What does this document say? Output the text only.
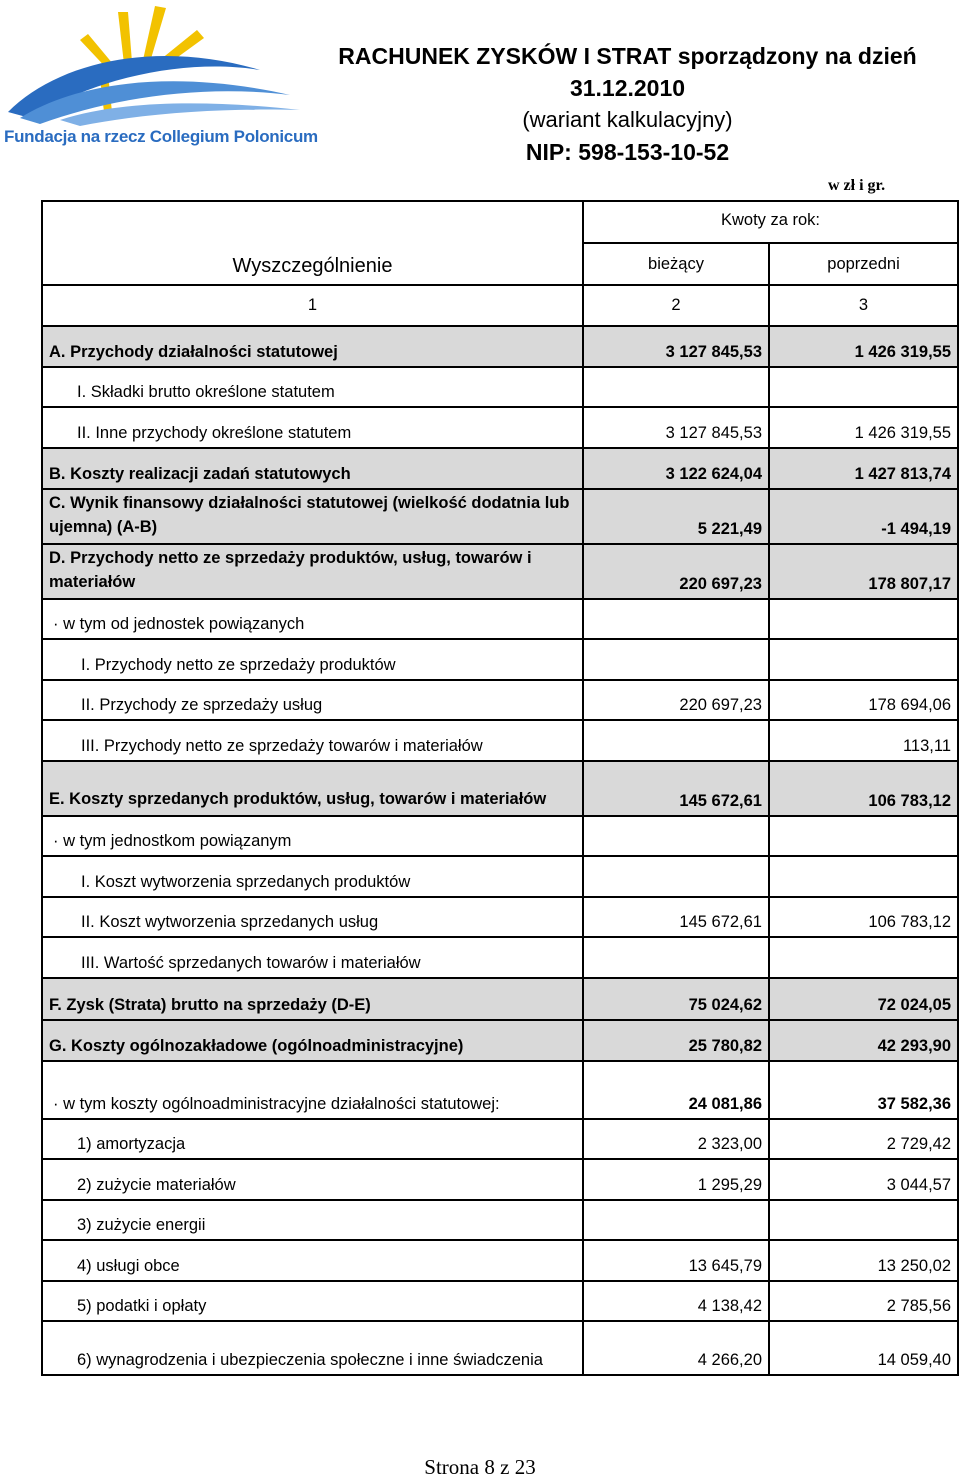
Fundacja na rzecz Collegium Polonicum
RACHUNEK ZYSKÓW I STRAT sporządzony na dzień
31.12.2010
(wariant kalkulacyjny)
NIP: 598-153-10-52
w zł i gr.
Wyszczególnienie	Kwoty za rok:	
	bieżący	poprzedni
1	2	3
A. Przychody działalności statutowej	3 127 845,53	1 426 319,55
I. Składki brutto określone statutem		
II. Inne przychody określone statutem	3 127 845,53	1 426 319,55
B. Koszty realizacji zadań statutowych	3 122 624,04	1 427 813,74
C. Wynik finansowy działalności statutowej (wielkość dodatnia lub ujemna) (A-B)	5 221,49	-1 494,19
D. Przychody netto ze sprzedaży produktów, usług, towarów i materiałów	220 697,23	178 807,17
· w tym od jednostek powiązanych		
I. Przychody netto ze sprzedaży produktów		
II. Przychody ze sprzedaży usług	220 697,23	178 694,06
III. Przychody netto ze sprzedaży towarów i materiałów		113,11
E. Koszty sprzedanych produktów, usług, towarów i materiałów	145 672,61	106 783,12
· w tym jednostkom powiązanym		
I. Koszt wytworzenia sprzedanych produktów		
II. Koszt wytworzenia sprzedanych usług	145 672,61	106 783,12
III. Wartość sprzedanych towarów i materiałów		
F. Zysk (Strata) brutto na sprzedaży (D-E)	75 024,62	72 024,05
G. Koszty ogólnozakładowe (ogólnoadministracyjne)	25 780,82	42 293,90
· w tym koszty ogólnoadministracyjne działalności statutowej:	24 081,86	37 582,36
1) amortyzacja	2 323,00	2 729,42
2) zużycie materiałów	1 295,29	3 044,57
3) zużycie energii		
4) usługi obce	13 645,79	13 250,02
5) podatki i opłaty	4 138,42	2 785,56
6) wynagrodzenia i ubezpieczenia społeczne i inne świadczenia	4 266,20	14 059,40
Strona 8 z 23
